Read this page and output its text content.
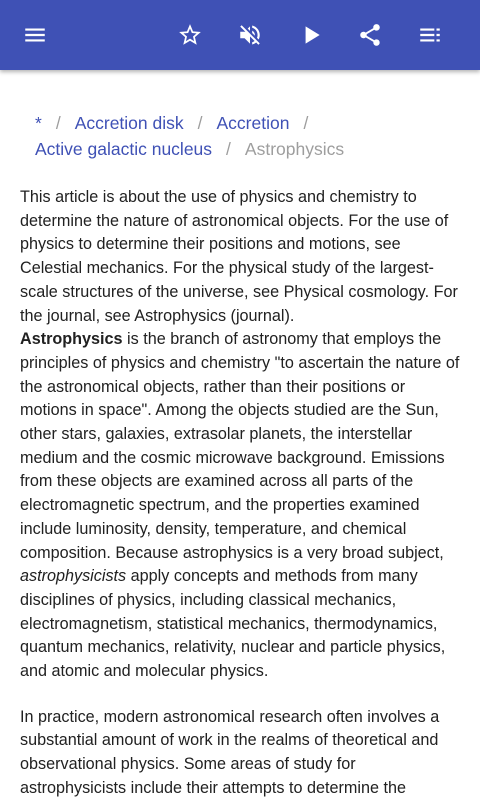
* / Accretion disk / Accretion /
Active galactic nucleus / Astrophysics

This article is about the use of physics and chemistry to determine the nature of astronomical objects. For the use of physics to determine their positions and motions, see Celestial mechanics. For the physical study of the largest-scale structures of the universe, see Physical cosmology. For the journal, see Astrophysics (journal).

Astrophysics is the branch of astronomy that employs the principles of physics and chemistry "to ascertain the nature of the astronomical objects, rather than their positions or motions in space". Among the objects studied are the Sun, other stars, galaxies, extrasolar planets, the interstellar medium and the cosmic microwave background. Emissions from these objects are examined across all parts of the electromagnetic spectrum, and the properties examined include luminosity, density, temperature, and chemical composition. Because astrophysics is a very broad subject, astrophysicists apply concepts and methods from many disciplines of physics, including classical mechanics, electromagnetism, statistical mechanics, thermodynamics, quantum mechanics, relativity, nuclear and particle physics, and atomic and molecular physics.

In practice, modern astronomical research often involves a substantial amount of work in the realms of theoretical and observational physics. Some areas of study for astrophysicists include their attempts to determine the
